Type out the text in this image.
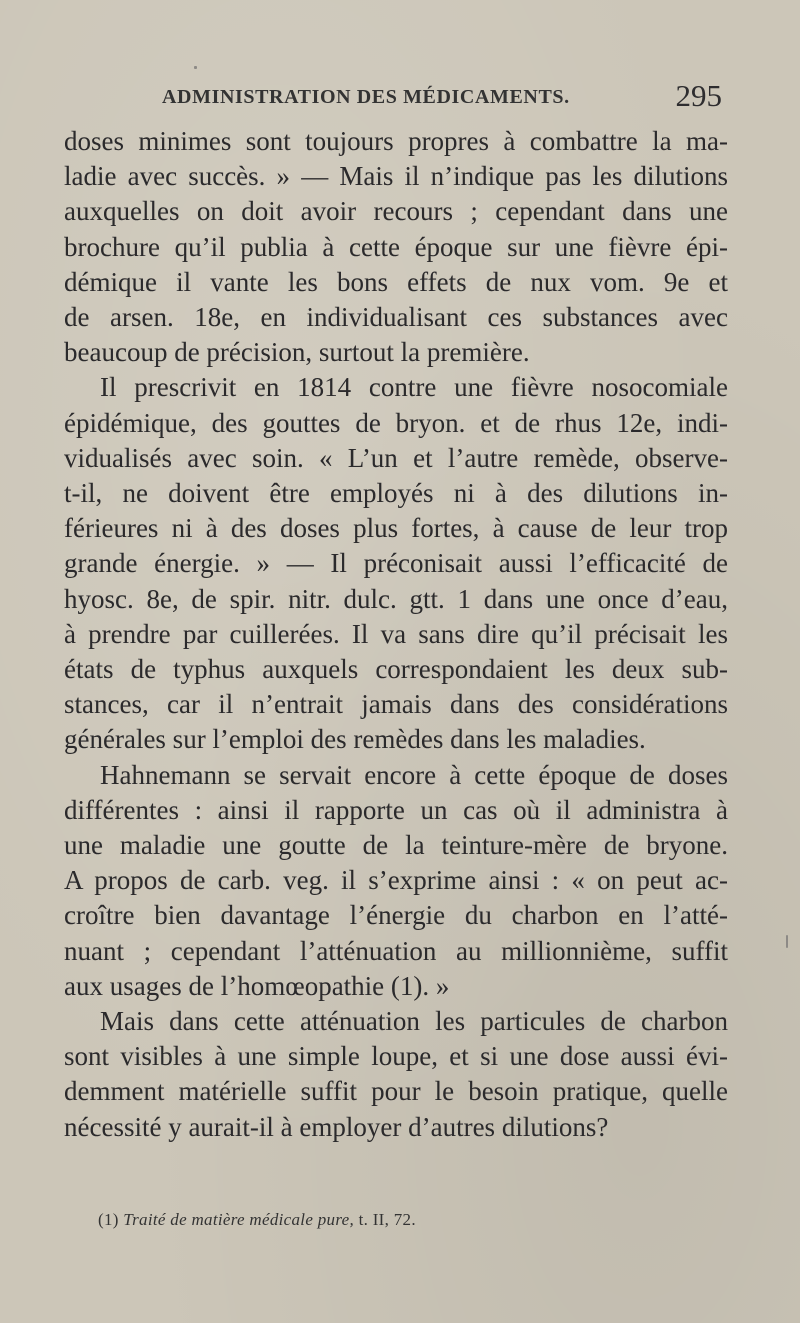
ADMINISTRATION DES MÉDICAMENTS.	295

doses minimes sont toujours propres à combattre la ma-
ladie avec succès. » — Mais il n’indique pas les dilutions
auxquelles on doit avoir recours ; cependant dans une
brochure qu’il publia à cette époque sur une fièvre épi-
démique il vante les bons effets de nux vom. 9e et
de arsen. 18e, en individualisant ces substances avec
beaucoup de précision, surtout la première.

Il prescrivit en 1814 contre une fièvre nosocomiale
épidémique, des gouttes de bryon. et de rhus 12e, indi-
vidualisés avec soin. « L’un et l’autre remède, observe-
t-il, ne doivent être employés ni à des dilutions in-
férieures ni à des doses plus fortes, à cause de leur trop
grande énergie. » — Il préconisait aussi l’efficacité de
hyosc. 8e, de spir. nitr. dulc. gtt. 1 dans une once d’eau,
à prendre par cuillerées. Il va sans dire qu’il précisait les
états de typhus auxquels correspondaient les deux sub-
stances, car il n’entrait jamais dans des considérations
générales sur l’emploi des remèdes dans les maladies.

Hahnemann se servait encore à cette époque de doses
différentes : ainsi il rapporte un cas où il administra à
une maladie une goutte de la teinture-mère de bryone.
A propos de carb. veg. il s’exprime ainsi : « on peut ac-
croître bien davantage l’énergie du charbon en l’atté-
nuant ; cependant l’atténuation au millionnième, suffit
aux usages de l’homœopathie (1). »

Mais dans cette atténuation les particules de charbon
sont visibles à une simple loupe, et si une dose aussi évi-
demment matérielle suffit pour le besoin pratique, quelle
nécessité y aurait-il à employer d’autres dilutions?

(1) Traité de matière médicale pure, t. II, 72.
